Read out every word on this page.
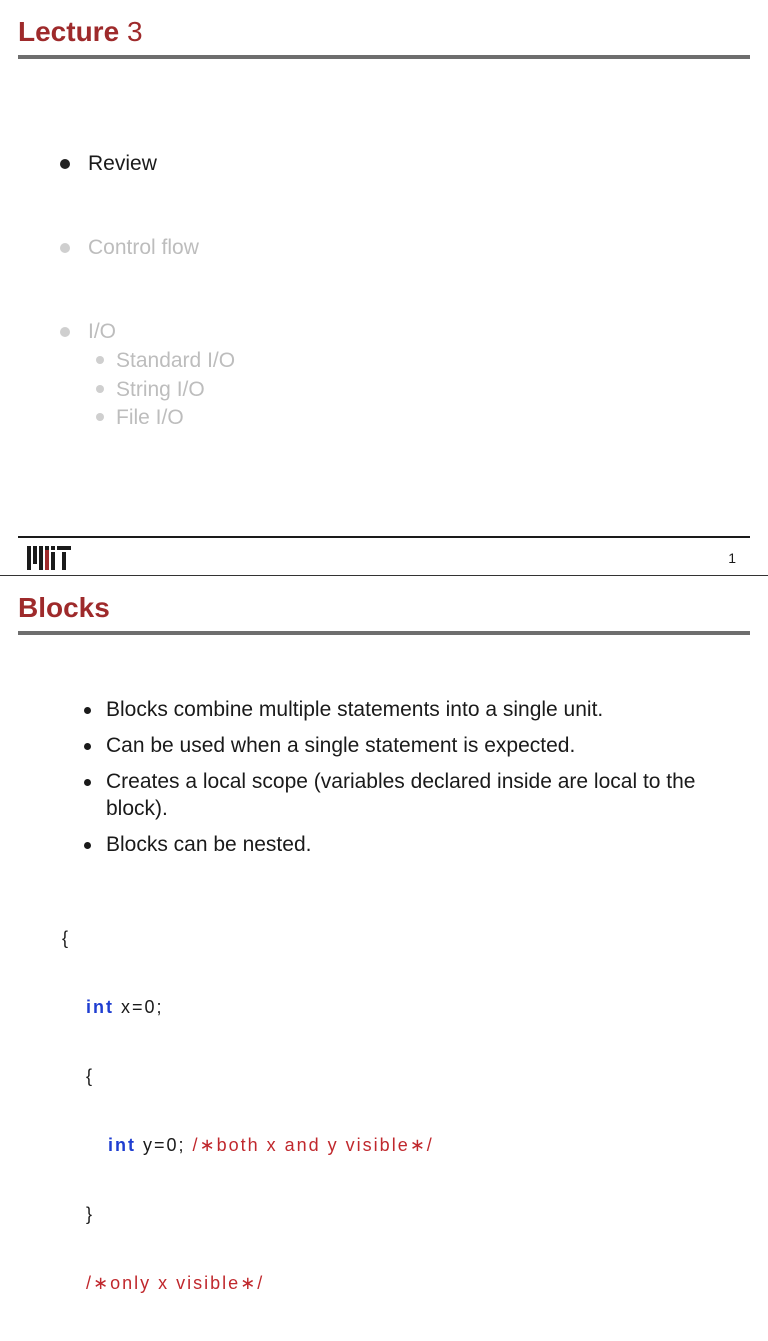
Lecture 3
Review
Control flow
I/O
Standard I/O
String I/O
File I/O
1
Blocks
Blocks combine multiple statements into a single unit.
Can be used when a single statement is expected.
Creates a local scope (variables declared inside are local to the block).
Blocks can be nested.

{

int x=0;

{

int y=0; /∗both x and y visible∗/

}

/∗only x visible∗/
